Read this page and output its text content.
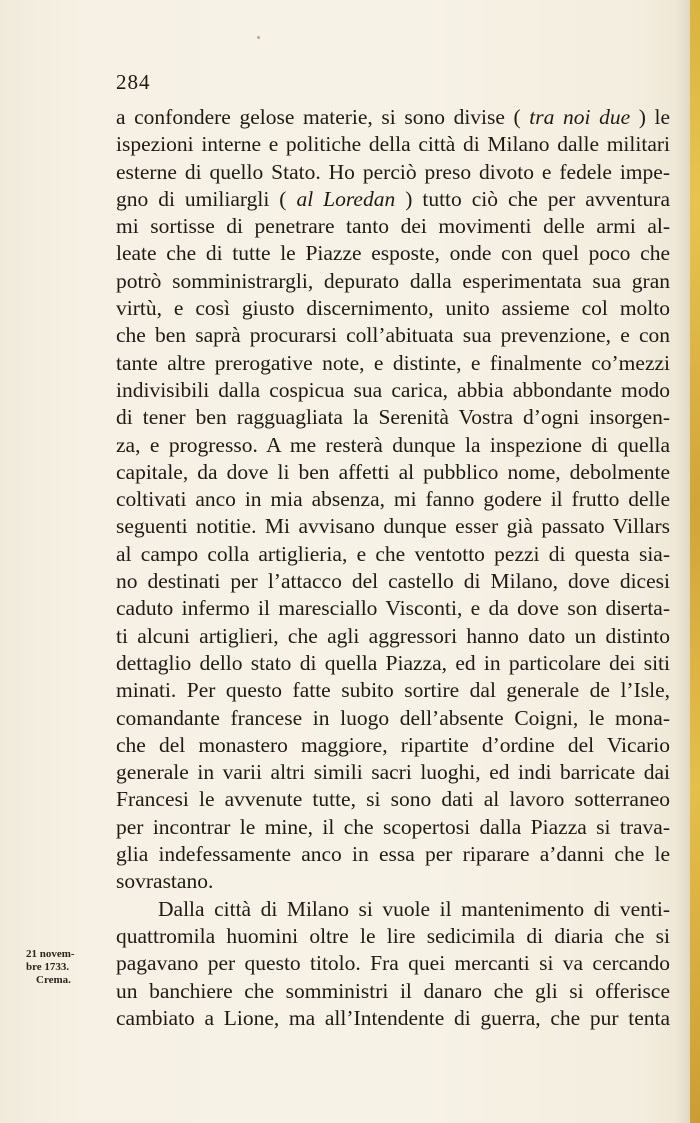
284
a confondere gelose materie, si sono divise ( tra noi due ) le
ispezioni interne e politiche della città di Milano dalle militari
esterne di quello Stato. Ho perciò preso divoto e fedele impe-
gno di umiliargli ( al Loredan ) tutto ciò che per avventura
mi sortisse di penetrare tanto dei movimenti delle armi al-
leate che di tutte le Piazze esposte, onde con quel poco che
potrò somministrargli, depurato dalla esperimentata sua gran
virtù, e così giusto discernimento, unito assieme col molto
che ben saprà procurarsi coll’abituata sua prevenzione, e con
tante altre prerogative note, e distinte, e finalmente co’mezzi
indivisibili dalla cospicua sua carica, abbia abbondante modo
di tener ben ragguagliata la Serenità Vostra d’ogni insorgen-
za, e progresso. A me resterà dunque la inspezione di quella
capitale, da dove li ben affetti al pubblico nome, debolmente
coltivati anco in mia absenza, mi fanno godere il frutto delle
seguenti notitie. Mi avvisano dunque esser già passato Villars
al campo colla artiglieria, e che ventotto pezzi di questa sia-
no destinati per l’attacco del castello di Milano, dove dicesi
caduto infermo il maresciallo Visconti, e da dove son diserta-
ti alcuni artiglieri, che agli aggressori hanno dato un distinto
dettaglio dello stato di quella Piazza, ed in particolare dei siti
minati. Per questo fatte subito sortire dal generale de l’Isle,
comandante francese in luogo dell’absente Coigni, le mona-
che del monastero maggiore, ripartite d’ordine del Vicario
generale in varii altri simili sacri luoghi, ed indi barricate dai
Francesi le avvenute tutte, si sono dati al lavoro sotterraneo
per incontrar le mine, il che scopertosi dalla Piazza si trava-
glia indefessamente anco in essa per riparare a’danni che le
sovrastano.
Dalla città di Milano si vuole il mantenimento di venti-
quattromila huomini oltre le lire sedicimila di diaria che si
pagavano per questo titolo. Fra quei mercanti si va cercando
un banchiere che somministri il danaro che gli si offerisce
cambiato a Lione, ma all’Intendente di guerra, che pur tenta
21 novem-
bre 1733.
Crema.
